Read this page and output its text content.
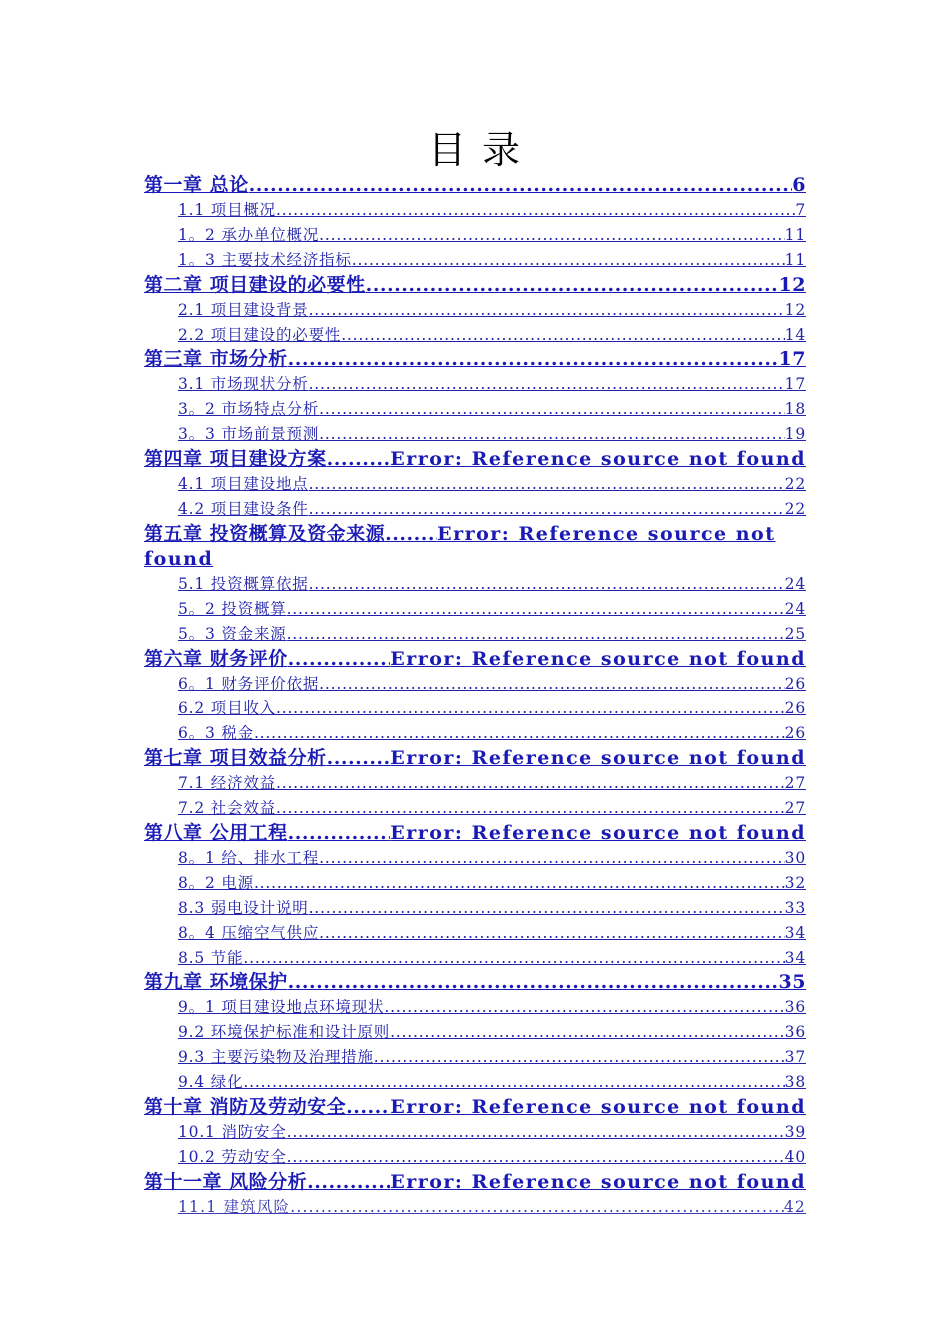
目 录
第一章 总论 .....	6
1.1 项目概况 .....	7
1。2 承办单位概况 .....	11
1。3 主要技术经济指标 .....	11
第二章 项目建设的必要性 .....	12
2.1 项目建设背景 .....	12
2.2 项目建设的必要性 .....	14
第三章 市场分析 .....	17
3.1 市场现状分析 .....	17
3。2 市场特点分析 .....	18
3。3 市场前景预测 .....	19
第四章 项目建设方案 .....	Error: Reference source not found
4.1 项目建设地点 .....	22
4.2 项目建设条件 .....	22
第五章 投资概算及资金来源 .....	Error: Reference source not
found
5.1 投资概算依据 .....	24
5。2 投资概算 .....	24
5。3 资金来源 .....	25
第六章 财务评价 .....	Error: Reference source not found
6。1 财务评价依据 .....	26
6.2 项目收入 .....	26
6。3 税金 .....	26
第七章 项目效益分析 .....	Error: Reference source not found
7.1 经济效益 .....	27
7.2 社会效益 .....	27
第八章 公用工程 .....	Error: Reference source not found
8。1 给、排水工程 .....	30
8。2 电源 .....	32
8.3 弱电设计说明 .....	33
8。4 压缩空气供应 .....	34
8.5 节能 .....	34
第九章 环境保护 .....	35
9。1 项目建设地点环境现状 .....	36
9.2 环境保护标准和设计原则 .....	36
9.3 主要污染物及治理措施 .....	37
9.4 绿化 .....	38
第十章 消防及劳动安全 ..... Error: Reference source not found
10.1 消防安全 .....	39
10.2 劳动安全 .....	40
第十一章 风险分析 .....	Error: Reference source not found
11.1 建筑风险 .....	42
